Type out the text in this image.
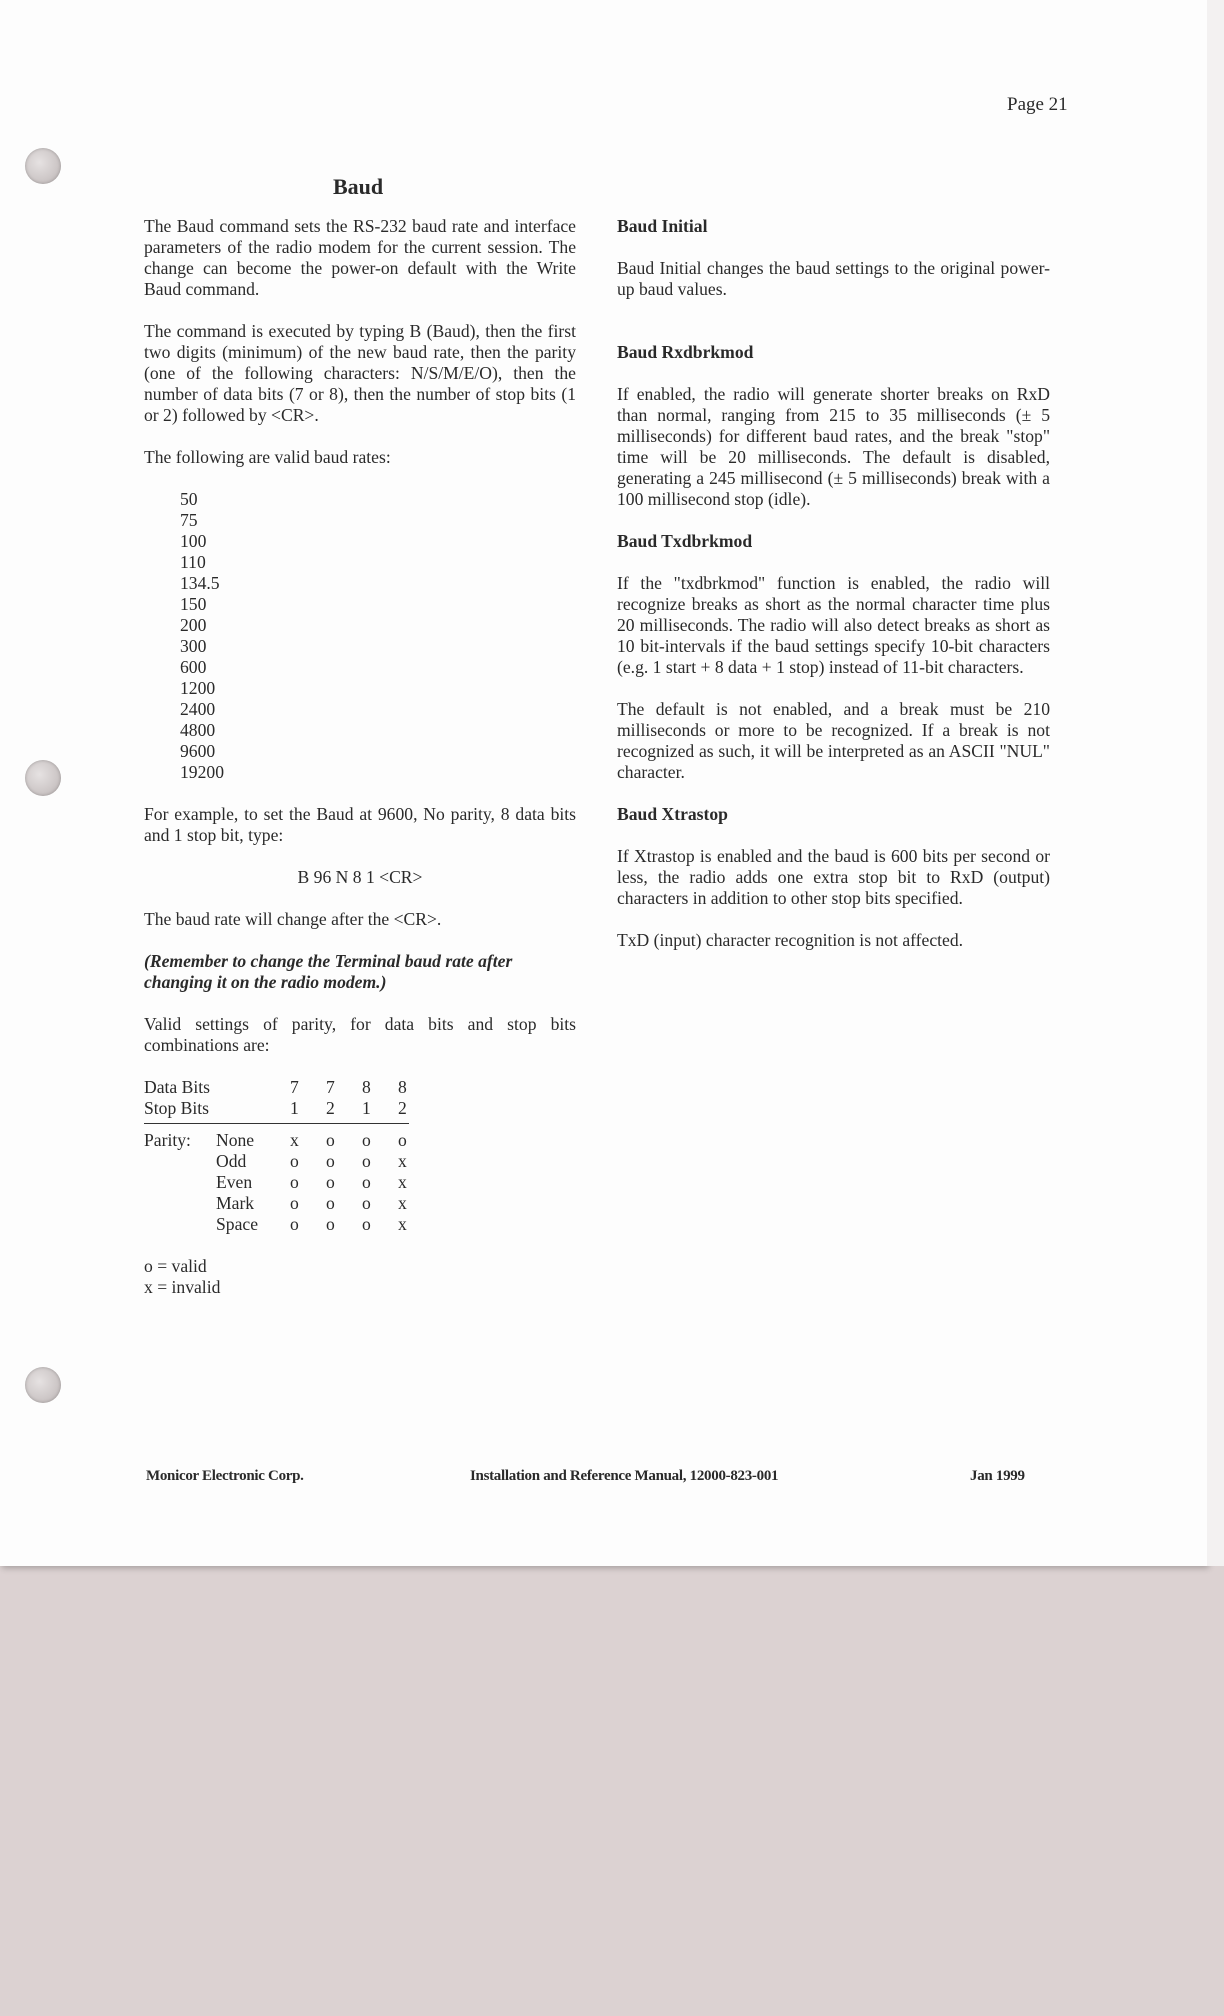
Page 21
Baud

The Baud command sets the RS-232 baud rate and interface parameters of the radio modem for the current session. The change can become the power-on default with the Write Baud command.

The command is executed by typing B (Baud), then the first two digits (minimum) of the new baud rate, then the parity (one of the following characters: N/S/M/E/O), then the number of data bits (7 or 8), then the number of stop bits (1 or 2) followed by <CR>.

The following are valid baud rates:

50
75
100
110
134.5
150
200
300
600
1200
2400
4800
9600
19200

For example, to set the Baud at 9600, No parity, 8 data bits and 1 stop bit, type:

B 96 N 8 1 <CR>

The baud rate will change after the <CR>.

(Remember to change the Terminal baud rate after changing it on the radio modem.)

Valid settings of parity, for data bits and stop bits combinations are:

Data Bits	7	7	8	8
Stop Bits	1	2	1	2
Parity:	None	x	o	o	o
Odd	o	o	o	x
Even	o	o	o	x
Mark	o	o	o	x
Space	o	o	o	x
o = valid
x = invalid
Baud Initial

Baud Initial changes the baud settings to the original power-up baud values.

Baud Rxdbrkmod

If enabled, the radio will generate shorter breaks on RxD than normal, ranging from 215 to 35 milliseconds (± 5 milliseconds) for different baud rates, and the break "stop" time will be 20 milliseconds. The default is disabled, generating a 245 millisecond (± 5 milliseconds) break with a 100 millisecond stop (idle).

Baud Txdbrkmod

If the "txdbrkmod" function is enabled, the radio will recognize breaks as short as the normal character time plus 20 milliseconds. The radio will also detect breaks as short as 10 bit-intervals if the baud settings specify 10-bit characters (e.g. 1 start + 8 data + 1 stop) instead of 11-bit characters.

The default is not enabled, and a break must be 210 milliseconds or more to be recognized. If a break is not recognized as such, it will be interpreted as an ASCII "NUL" character.

Baud Xtrastop

If Xtrastop is enabled and the baud is 600 bits per second or less, the radio adds one extra stop bit to RxD (output) characters in addition to other stop bits specified.

TxD (input) character recognition is not affected.

Monicor Electronic Corp.	Installation and Reference Manual, 12000-823-001	Jan 1999
